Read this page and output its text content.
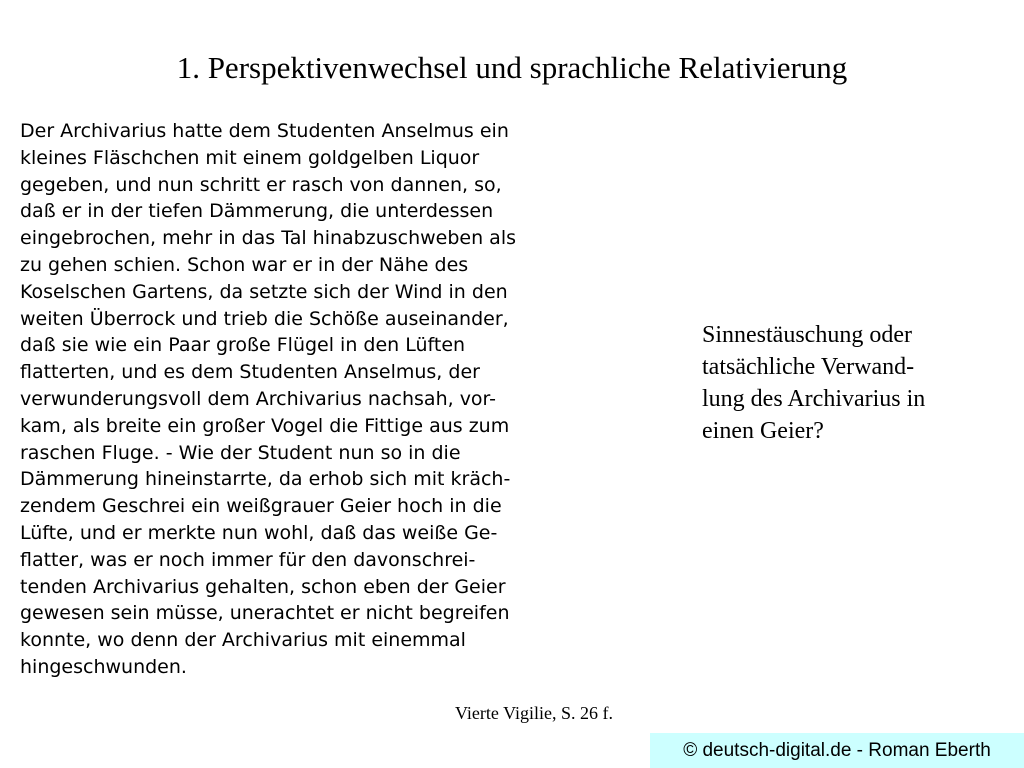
1. Perspektivenwechsel und sprachliche Relativierung
Der Archivarius hatte dem Studenten Anselmus ein
kleines Fläschchen mit einem goldgelben Liquor
gegeben, und nun schritt er rasch von dannen, so,
daß er in der tiefen Dämmerung, die unterdessen
eingebrochen, mehr in das Tal hinabzuschweben als
zu gehen schien. Schon war er in der Nähe des
Koselschen Gartens, da setzte sich der Wind in den
weiten Überrock und trieb die Schöße auseinander,
daß sie wie ein Paar große Flügel in den Lüften
flatterten, und es dem Studenten Anselmus, der
verwunderungsvoll dem Archivarius nachsah, vor-
kam, als breite ein großer Vogel die Fittige aus zum
raschen Fluge. - Wie der Student nun so in die
Dämmerung hineinstarrte, da erhob sich mit kräch-
zendem Geschrei ein weißgrauer Geier hoch in die
Lüfte, und er merkte nun wohl, daß das weiße Ge-
flatter, was er noch immer für den davonschrei-
tenden Archivarius gehalten, schon eben der Geier
gewesen sein müsse, unerachtet er nicht begreifen
konnte, wo denn der Archivarius mit einemmal
hingeschwunden.
Sinnestäuschung oder
tatsächliche Verwand-
lung des Archivarius in
einen Geier?
Vierte Vigilie, S. 26 f.
© deutsch-digital.de - Roman Eberth
